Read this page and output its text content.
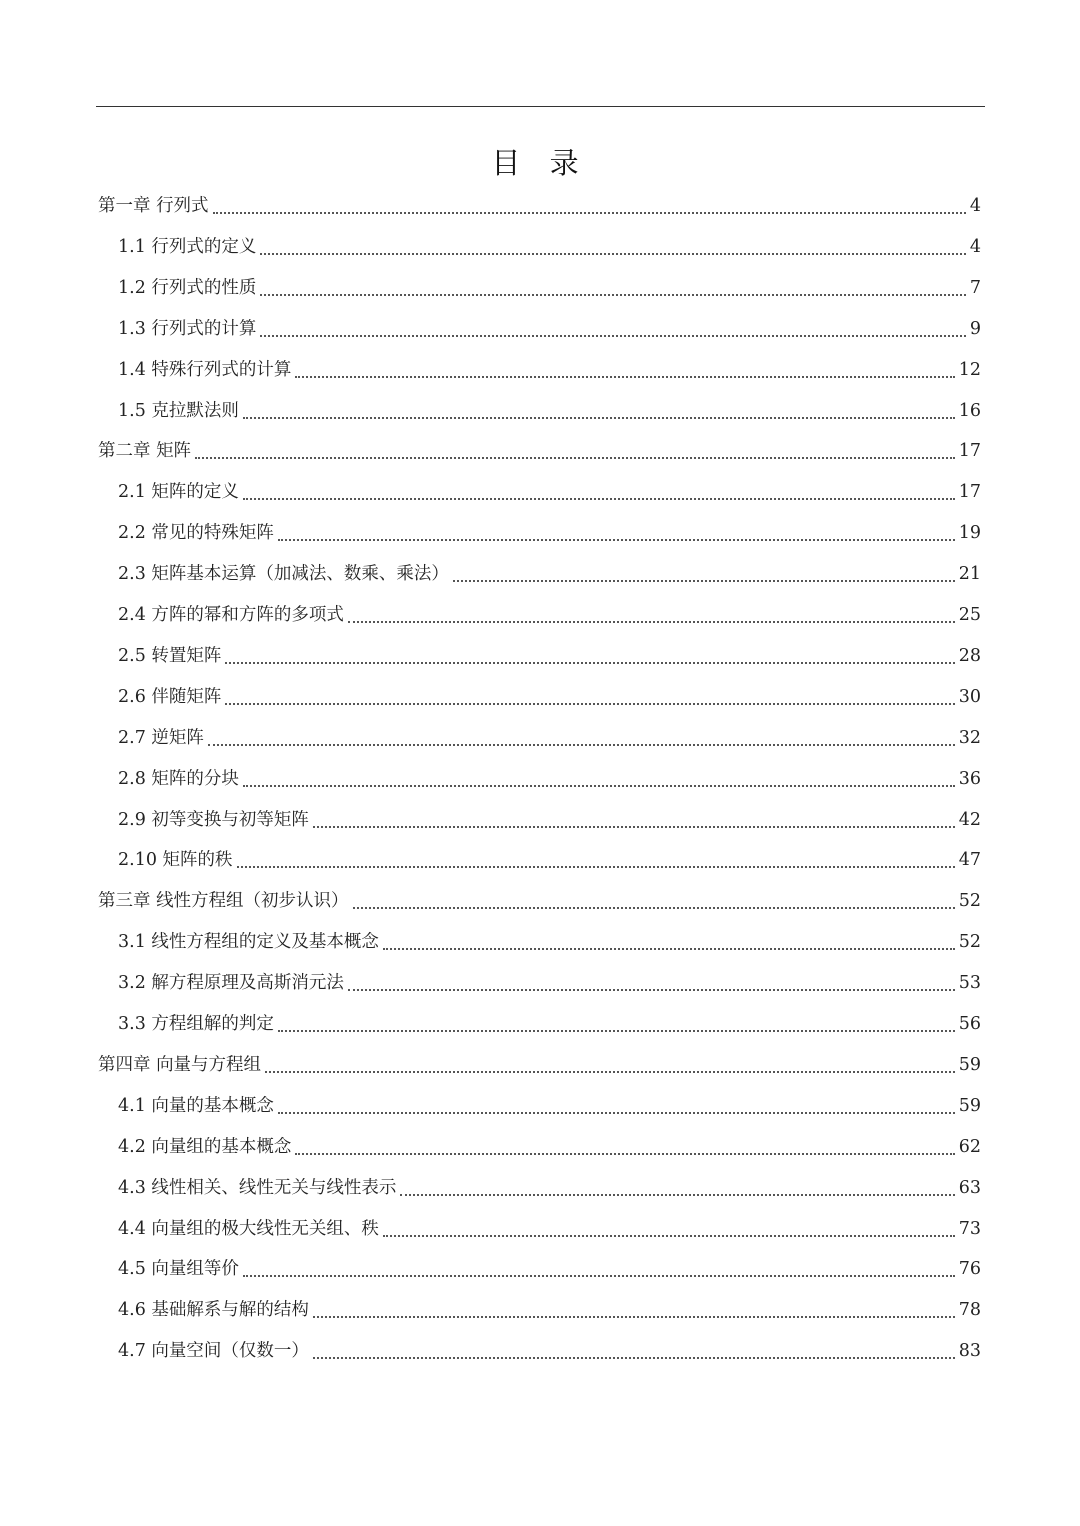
目 录
第一章 行列式	4
1.1 行列式的定义	4
1.2 行列式的性质	7
1.3 行列式的计算	9
1.4 特殊行列式的计算	12
1.5 克拉默法则	16
第二章 矩阵	17
2.1 矩阵的定义	17
2.2 常见的特殊矩阵	19
2.3 矩阵基本运算（加减法、数乘、乘法）	21
2.4 方阵的幂和方阵的多项式	25
2.5 转置矩阵	28
2.6 伴随矩阵	30
2.7 逆矩阵	32
2.8 矩阵的分块	36
2.9 初等变换与初等矩阵	42
2.10 矩阵的秩	47
第三章 线性方程组（初步认识）	52
3.1 线性方程组的定义及基本概念	52
3.2 解方程原理及高斯消元法	53
3.3 方程组解的判定	56
第四章 向量与方程组	59
4.1 向量的基本概念	59
4.2 向量组的基本概念	62
4.3 线性相关、线性无关与线性表示	63
4.4 向量组的极大线性无关组、秩	73
4.5 向量组等价	76
4.6 基础解系与解的结构	78
4.7 向量空间（仅数一）	83
